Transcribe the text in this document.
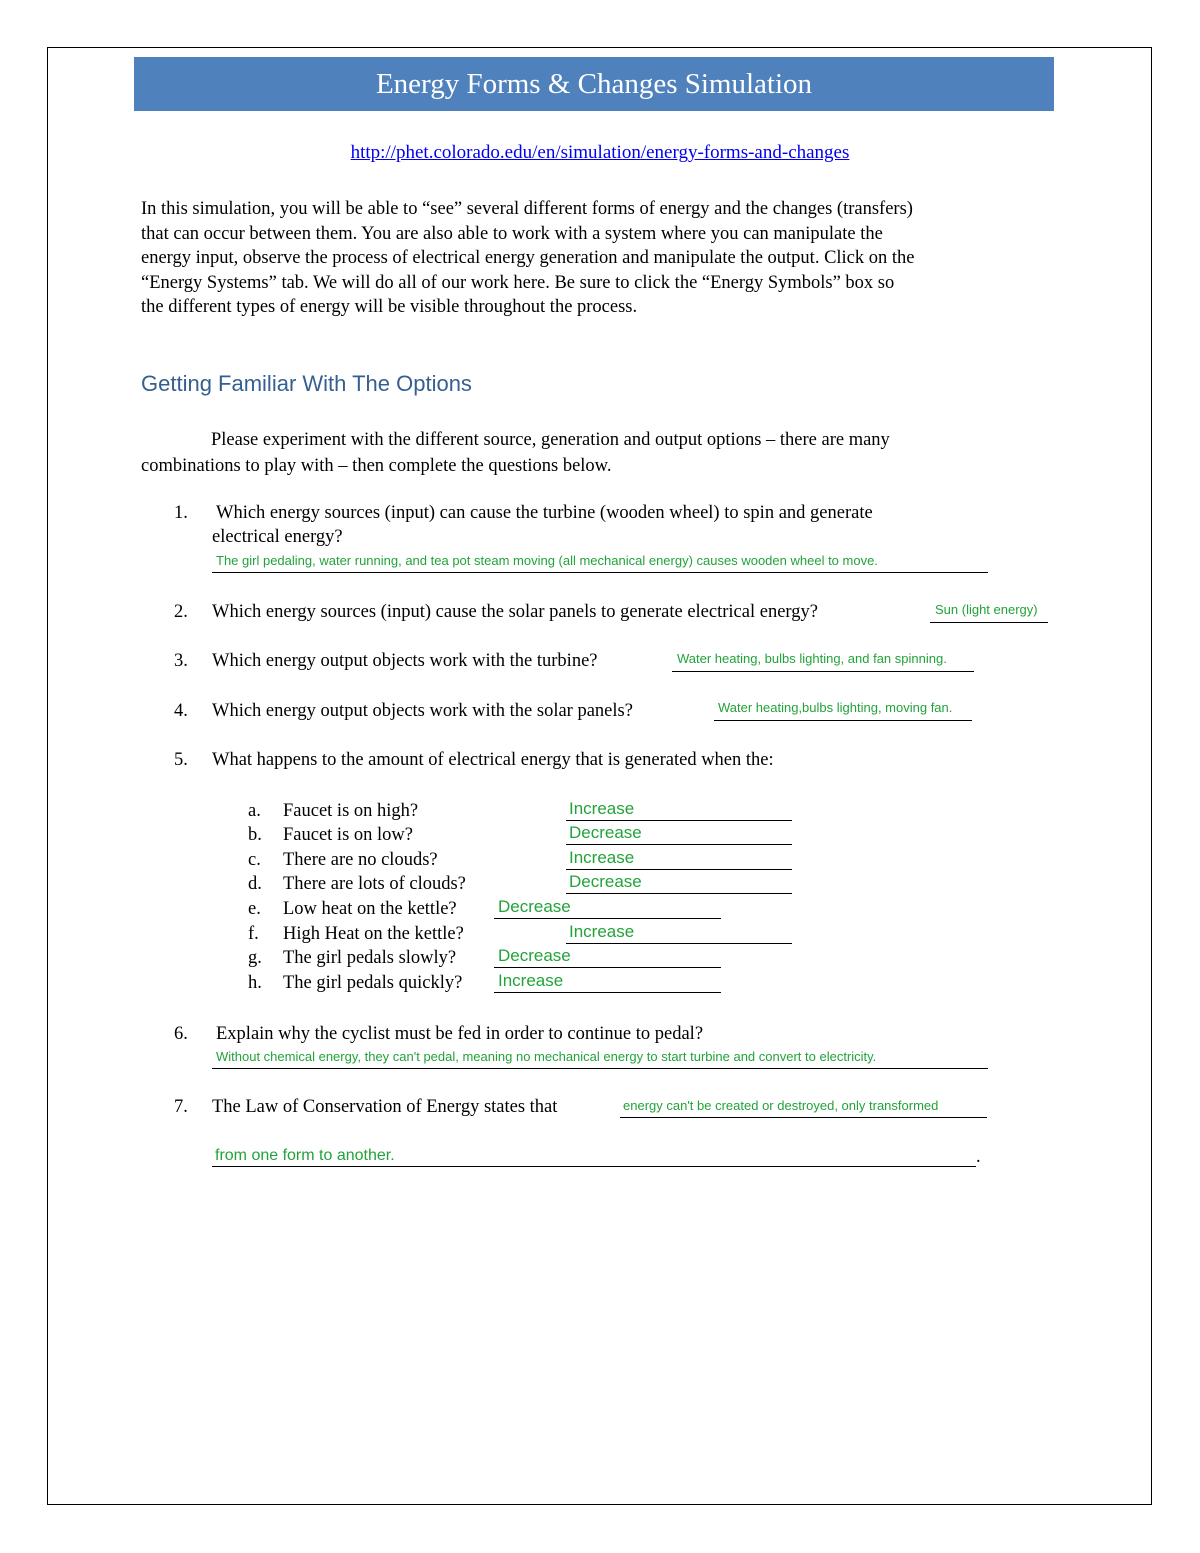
Energy Forms & Changes Simulation
http://phet.colorado.edu/en/simulation/energy-forms-and-changes

In this simulation, you will be able to “see” several different forms of energy and the changes (transfers)

that can occur between them. You are also able to work with a system where you can manipulate the

energy input, observe the process of electrical energy generation and manipulate the output. Click on the

“Energy Systems” tab. We will do all of our work here. Be sure to click the “Energy Symbols” box so

the different types of energy will be visible throughout the process.

Getting Familiar With The Options
Please experiment with the different source, generation and output options – there are many
combinations to play with – then complete the questions below.
1. Which energy sources (input) can cause the turbine (wooden wheel) to spin and generate
electrical energy?
The girl pedaling, water running, and tea pot steam moving (all mechanical energy) causes wooden wheel to move.
2. Which energy sources (input) cause the solar panels to generate electrical energy?	Sun (light energy)
3. Which energy output objects work with the turbine?	Water heating, bulbs lighting, and fan spinning.
4. Which energy output objects work with the solar panels?	Water heating,bulbs lighting, moving fan.
5. What happens to the amount of electrical energy that is generated when the:
a. Faucet is on high?	Increase
b. Faucet is on low?	Decrease
c. There are no clouds?	Increase
d. There are lots of clouds?	Decrease
e. Low heat on the kettle? Decrease
f. High Heat on the kettle?	Increase
g. The girl pedals slowly? Decrease
h. The girl pedals quickly? Increase
6. Explain why the cyclist must be fed in order to continue to pedal?
Without chemical energy, they can't pedal, meaning no mechanical energy to start turbine and convert to electricity.
7. The Law of Conservation of Energy states that	energy can't be created or destroyed, only transformed
from one form to another.	.
